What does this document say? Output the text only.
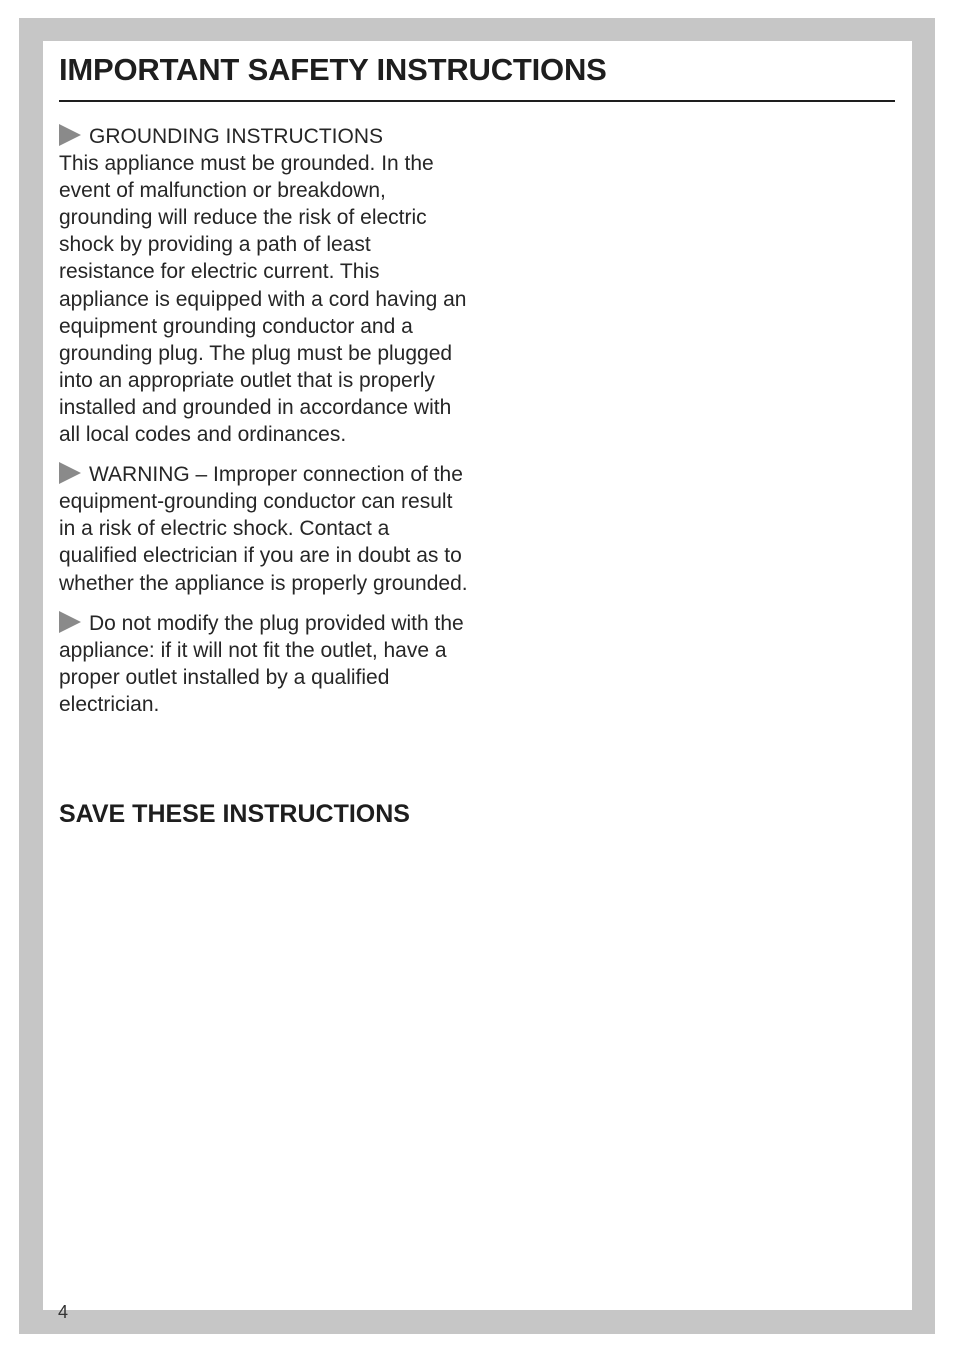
IMPORTANT SAFETY INSTRUCTIONS

GROUNDING INSTRUCTIONS

This appliance must be grounded. In the event of malfunction or breakdown, grounding will reduce the risk of electric shock by providing a path of least resistance for electric current. This appliance is equipped with a cord having an equipment grounding conductor and a grounding plug. The plug must be plugged into an appropriate outlet that is properly installed and grounded in accordance with all local codes and ordinances.

WARNING – Improper connection of the equipment-grounding conductor can result in a risk of electric shock. Contact a qualified electrician if you are in doubt as to whether the appliance is properly grounded.

Do not modify the plug provided with the appliance: if it will not fit the outlet, have a proper outlet installed by a qualified electrician.

SAVE THESE INSTRUCTIONS
4
